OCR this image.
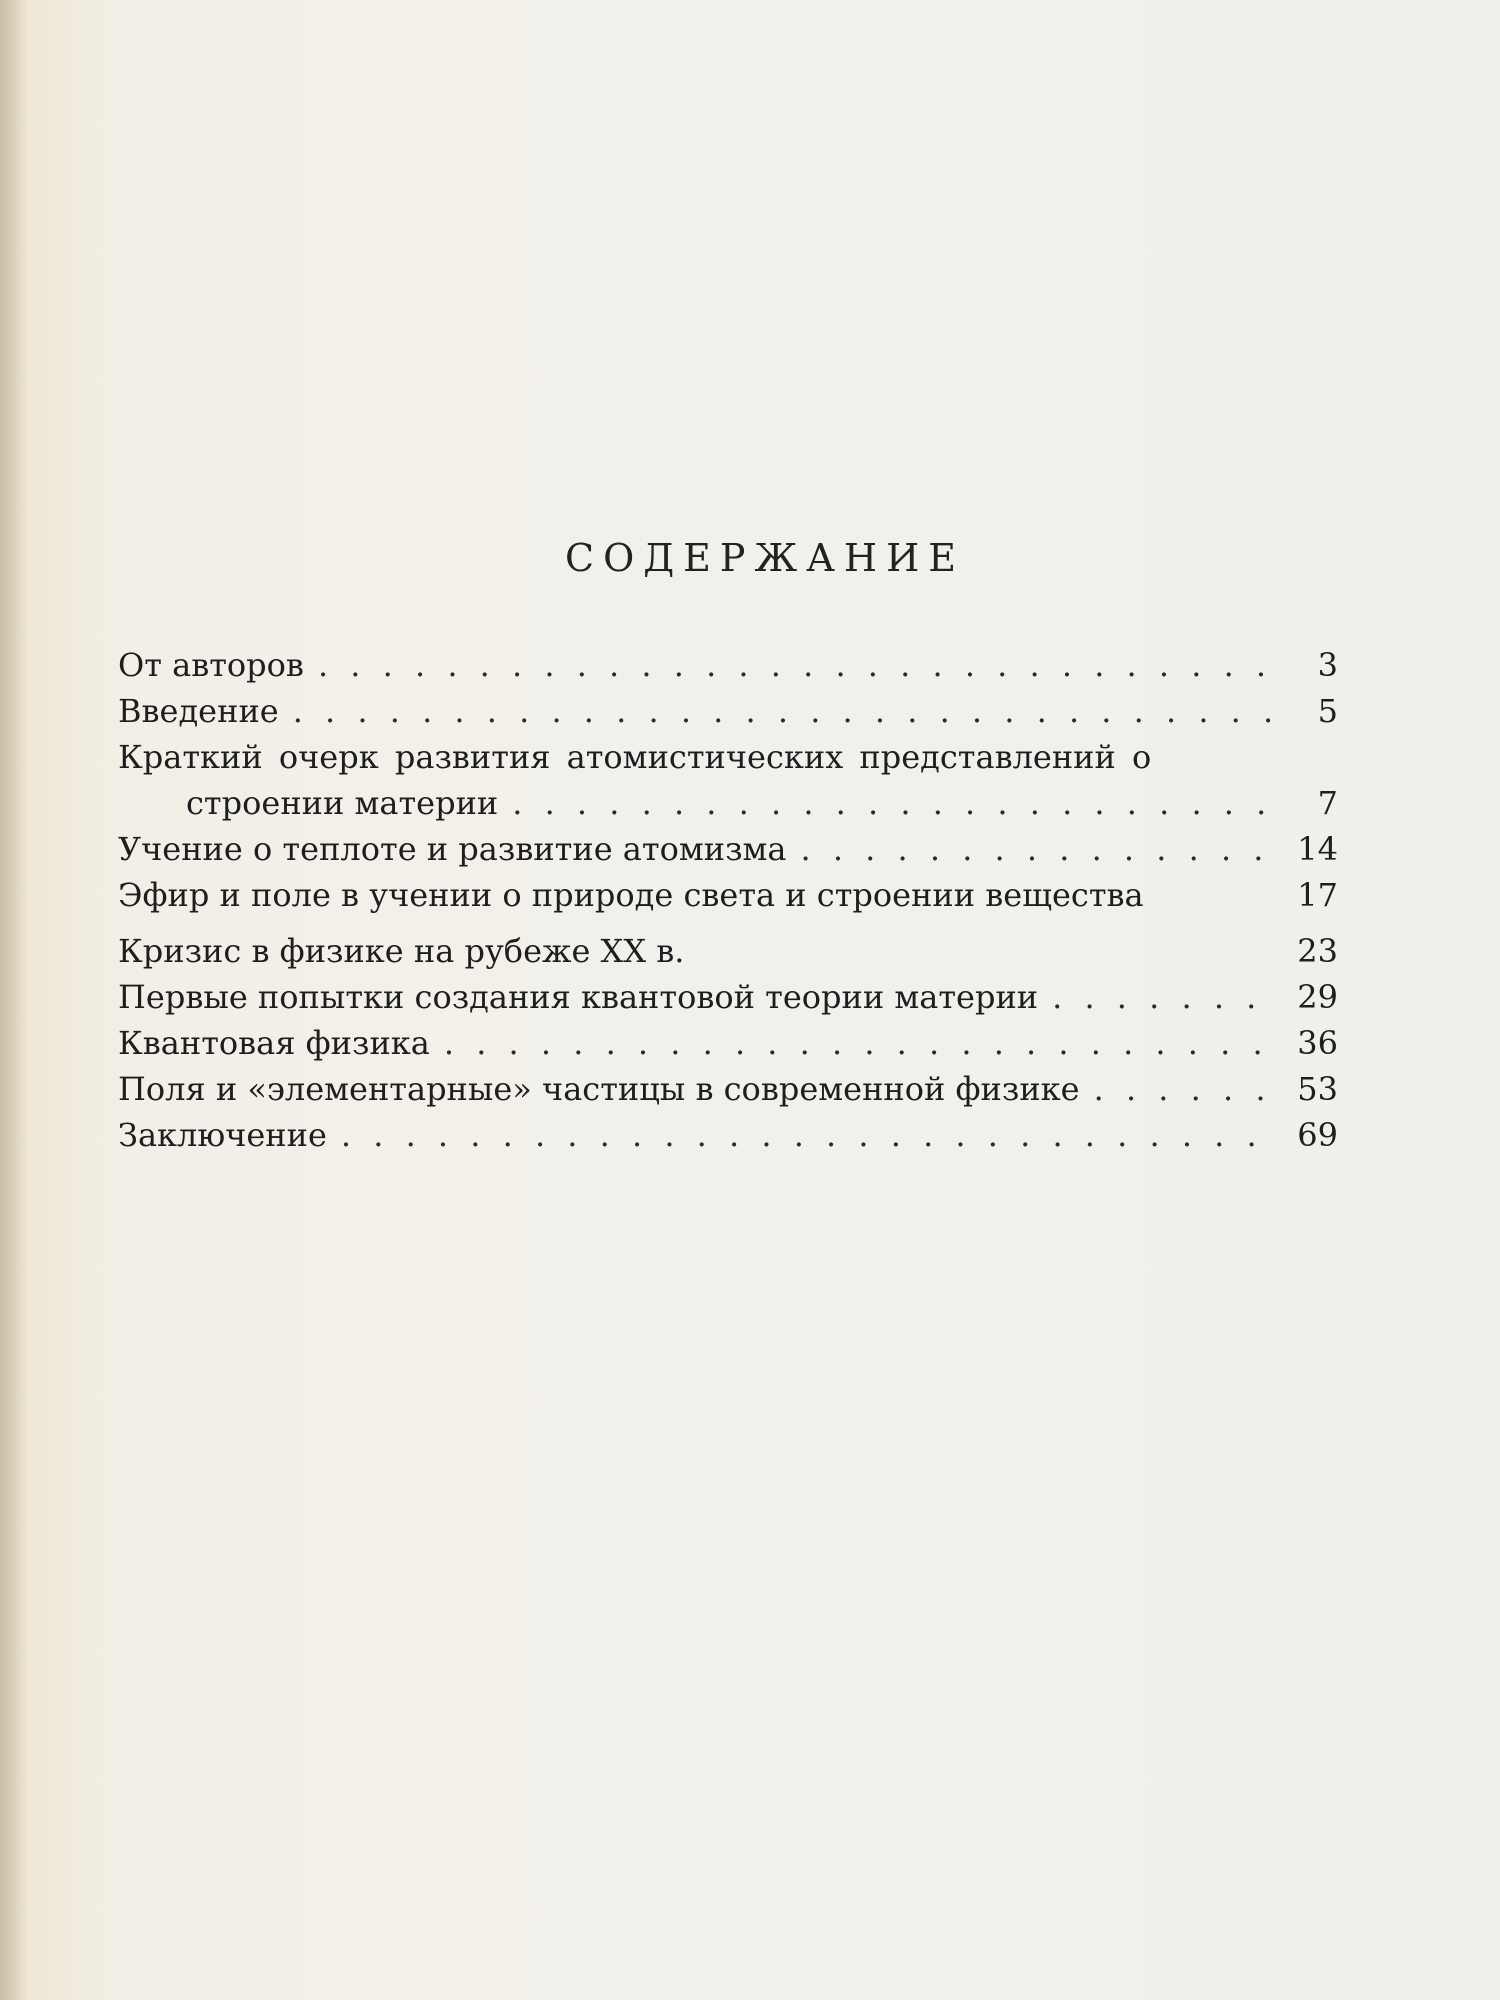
СОДЕРЖАНИЕ
От авторов . . .	3
Введение . . .	5
Краткий очерк развития атомистических представлений о
строении материи . . .	7
Учение о теплоте и развитие атомизма . . .	14
Эфир и поле в учении о природе света и строении вещества	17
Кризис в физике на рубеже XX в.	23
Первые попытки создания квантовой теории материи . . .	29
Квантовая физика . . .	36
Поля и «элементарные» частицы в современной физике . . .	53
Заключение . . .	69
